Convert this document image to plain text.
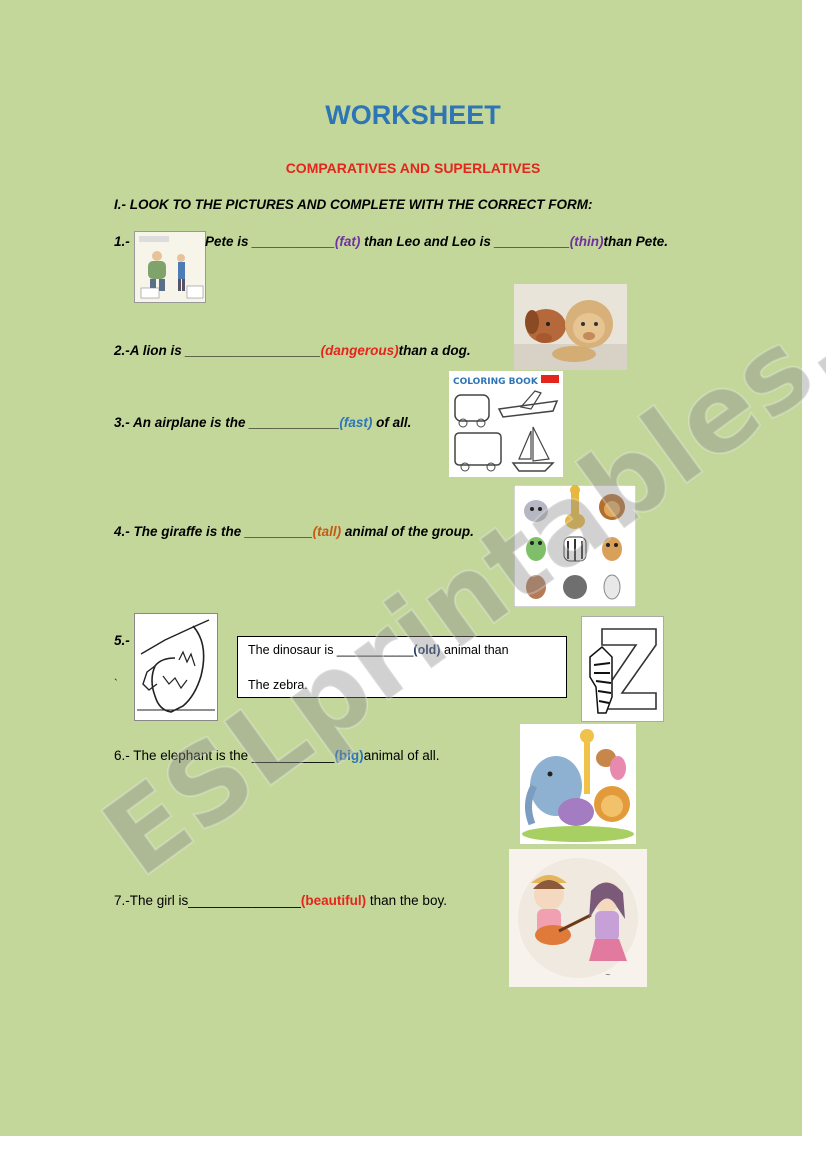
WORKSHEET
COMPARATIVES AND SUPERLATIVES
I.- LOOK TO THE PICTURES AND COMPLETE WITH THE CORRECT FORM:
1.-	Pete is ___________(fat) than Leo and Leo is __________(thin)than Pete.
2.-A lion is __________________(dangerous)than a dog.
COLORING BOOK
3.- An airplane is the ____________(fast) of all.
4.- The giraffe is the _________(tall) animal of the group.
5.-
`
The dinosaur is ___________(old) animal than
The zebra.
6.- The elephant is the ___________(big)animal of all.
~
7.-The girl is_______________(beautiful) than the boy.
